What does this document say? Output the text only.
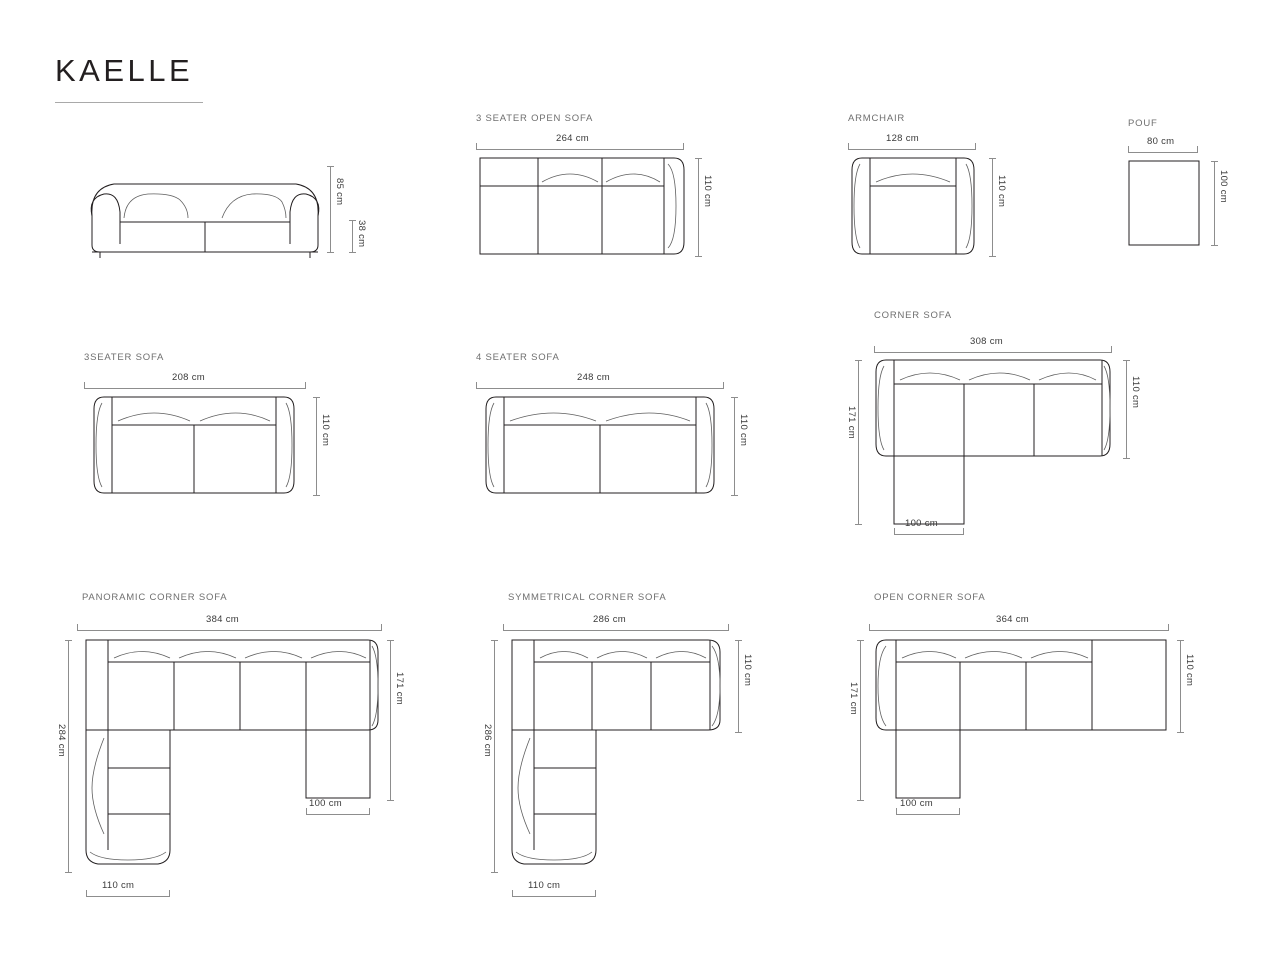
KAELLE
85 cm
38 cm
3 SEATER OPEN SOFA
264 cm
110 cm
ARMCHAIR
128 cm
110 cm
POUF
80 cm
100 cm
3SEATER SOFA
208 cm
110 cm
4 SEATER SOFA
248 cm
110 cm
CORNER SOFA
308 cm
110 cm
171 cm
100 cm
PANORAMIC CORNER SOFA
384 cm
171 cm
284 cm
100 cm
110 cm
SYMMETRICAL CORNER SOFA
286 cm
110 cm
286 cm
110 cm
OPEN CORNER SOFA
364 cm
110 cm
171 cm
100 cm
